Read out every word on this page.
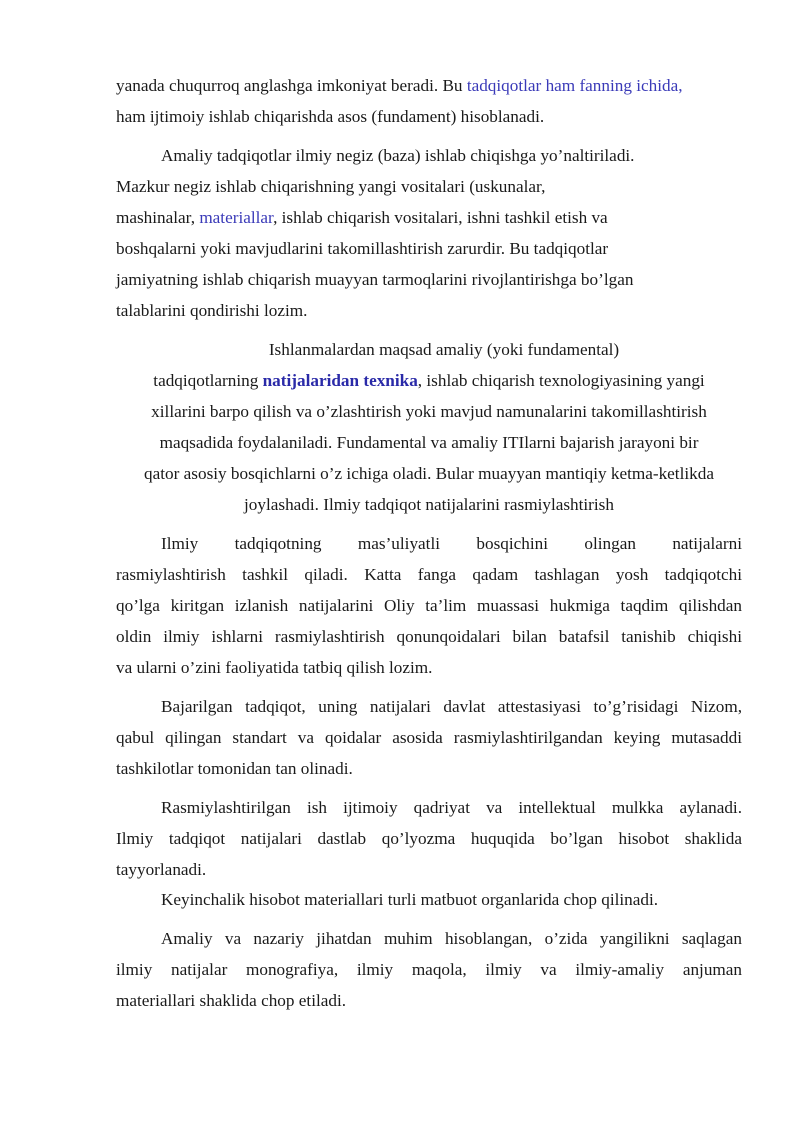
yanada chuqurroq anglashga imkoniyat beradi. Bu tadqiqotlar ham fanning ichida,
ham ijtimoiy ishlab chiqarishda asos (fundament) hisoblanadi.
Amaliy tadqiqotlar ilmiy negiz (baza) ishlab chiqishga yo’naltiriladi.
Mazkur negiz ishlab chiqarishning yangi vositalari (uskunalar,
mashinalar, materiallar, ishlab chiqarish vositalari, ishni tashkil etish va
boshqalarni yoki mavjudlarini takomillashtirish zarurdir. Bu tadqiqotlar
jamiyatning ishlab chiqarish muayyan tarmoqlarini rivojlantirishga bo’lgan
talablarini qondirishi lozim.
Ishlanmalardan maqsad amaliy (yoki fundamental)
tadqiqotlarning natijalaridan texnika, ishlab chiqarish texnologiyasining yangi
xillarini barpo qilish va o’zlashtirish yoki mavjud namunalarini takomillashtirish
maqsadida foydalaniladi. Fundamental va amaliy ITIlarni bajarish jarayoni bir
qator asosiy bosqichlarni o’z ichiga oladi. Bular muayyan mantiqiy ketma-ketlikda
joylashadi. Ilmiy tadqiqot natijalarini rasmiylashtirish
Ilmiy tadqiqotning mas’uliyatli bosqichini olingan natijalarni
rasmiylashtirish tashkil qiladi. Katta fanga qadam tashlagan yosh tadqiqotchi
qo’lga kiritgan izlanish natijalarini Oliy ta’lim muassasi hukmiga taqdim qilishdan
oldin ilmiy ishlarni rasmiylashtirish qonunqoidalari bilan batafsil tanishib chiqishi
va ularni o’zini faoliyatida tatbiq qilish lozim.
Bajarilgan tadqiqot, uning natijalari davlat attestasiyasi to’g’risidagi Nizom,
qabul qilingan standart va qoidalar asosida rasmiylashtirilgandan keying mutasaddi
tashkilotlar tomonidan tan olinadi.
Rasmiylashtirilgan ish ijtimoiy qadriyat va intellektual mulkka aylanadi.
Ilmiy tadqiqot natijalari dastlab qo’lyozma huquqida bo’lgan hisobot shaklida
tayyorlanadi.
Keyinchalik hisobot materiallari turli matbuot organlarida chop qilinadi.
Amaliy va nazariy jihatdan muhim hisoblangan, o’zida yangilikni saqlagan
ilmiy natijalar monografiya, ilmiy maqola, ilmiy va ilmiy-amaliy anjuman
materiallari shaklida chop etiladi.
